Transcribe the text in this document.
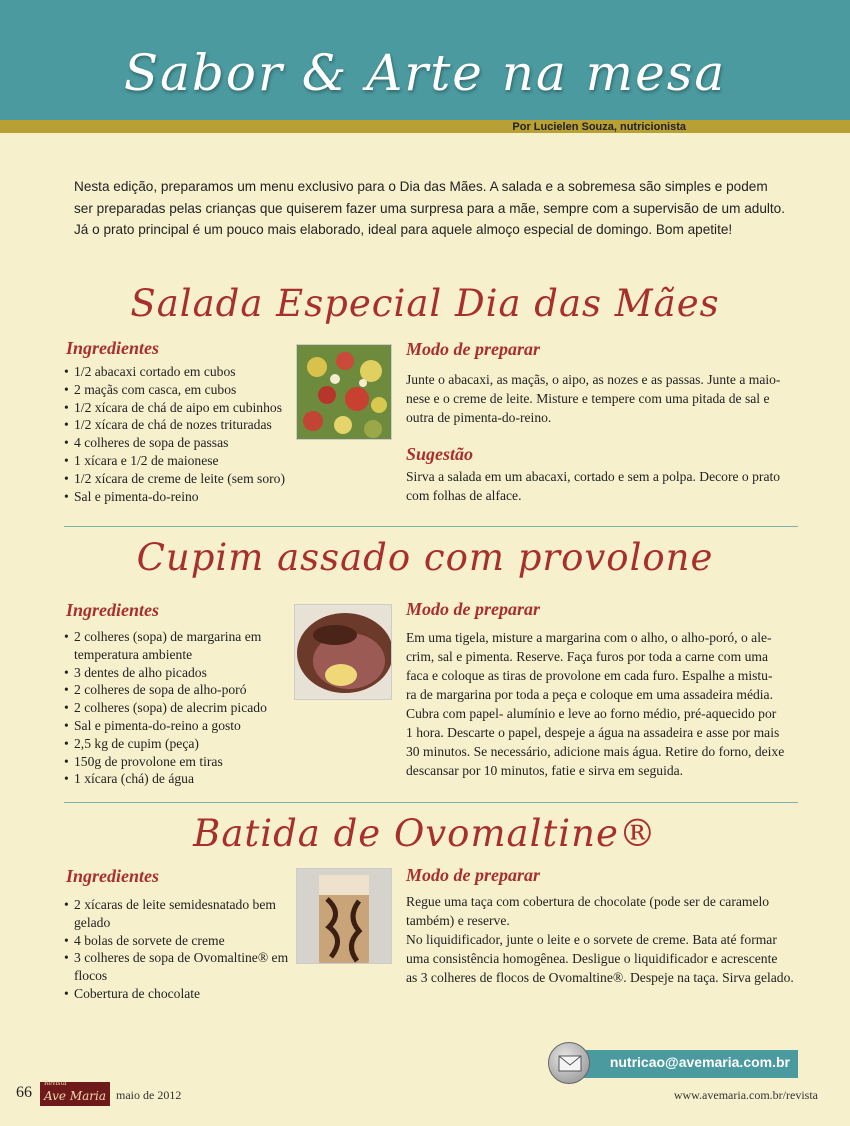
Sabor & Arte na mesa
Por Lucielen Souza, nutricionista
Nesta edição, preparamos um menu exclusivo para o Dia das Mães. A salada e a sobremesa são simples e podem
ser preparadas pelas crianças que quiserem fazer uma surpresa para a mãe, sempre com a supervisão de um adulto.
Já o prato principal é um pouco mais elaborado, ideal para aquele almoço especial de domingo. Bom apetite!
Salada Especial Dia das Mães
Ingredientes
• 1/2 abacaxi cortado em cubos
• 2 maçãs com casca, em cubos
• 1/2 xícara de chá de aipo em cubinhos
• 1/2 xícara de chá de nozes trituradas
• 4 colheres de sopa de passas
• 1 xícara e 1/2 de maionese
• 1/2 xícara de creme de leite (sem soro)
• Sal e pimenta-do-reino
Modo de preparar
Junte o abacaxi, as maçãs, o aipo, as nozes e as passas. Junte a maio-
nese e o creme de leite. Misture e tempere com uma pitada de sal e
outra de pimenta-do-reino.
Sugestão
Sirva a salada em um abacaxi, cortado e sem a polpa. Decore o prato
com folhas de alface.
Cupim assado com provolone
Ingredientes
• 2 colheres (sopa) de margarina em temperatura ambiente
• 3 dentes de alho picados
• 2 colheres de sopa de alho-poró
• 2 colheres (sopa) de alecrim picado
• Sal e pimenta-do-reino a gosto
• 2,5 kg de cupim (peça)
• 150g de provolone em tiras
• 1 xícara (chá) de água
Modo de preparar
Em uma tigela, misture a margarina com o alho, o alho-poró, o ale-
crim, sal e pimenta. Reserve. Faça furos por toda a carne com uma
faca e coloque as tiras de provolone em cada furo. Espalhe a mistu-
ra de margarina por toda a peça e coloque em uma assadeira média.
Cubra com papel- alumínio e leve ao forno médio, pré-aquecido por
1 hora. Descarte o papel, despeje a água na assadeira e asse por mais
30 minutos. Se necessário, adicione mais água. Retire do forno, deixe
descansar por 10 minutos, fatie e sirva em seguida.
Batida de Ovomaltine®
Ingredientes
• 2 xícaras de leite semidesnatado bem gelado
• 4 bolas de sorvete de creme
• 3 colheres de sopa de Ovomaltine® em flocos
• Cobertura de chocolate
Modo de preparar
Regue uma taça com cobertura de chocolate (pode ser de caramelo
também) e reserve.
No liquidificador, junte o leite e o sorvete de creme. Bata até formar
uma consistência homogênea. Desligue o liquidificador e acrescente
as 3 colheres de flocos de Ovomaltine®. Despeje na taça. Sirva gelado.
nutricao@avemaria.com.br
66
Revista
Ave Maria maio de 2012	www.avemaria.com.br/revista
